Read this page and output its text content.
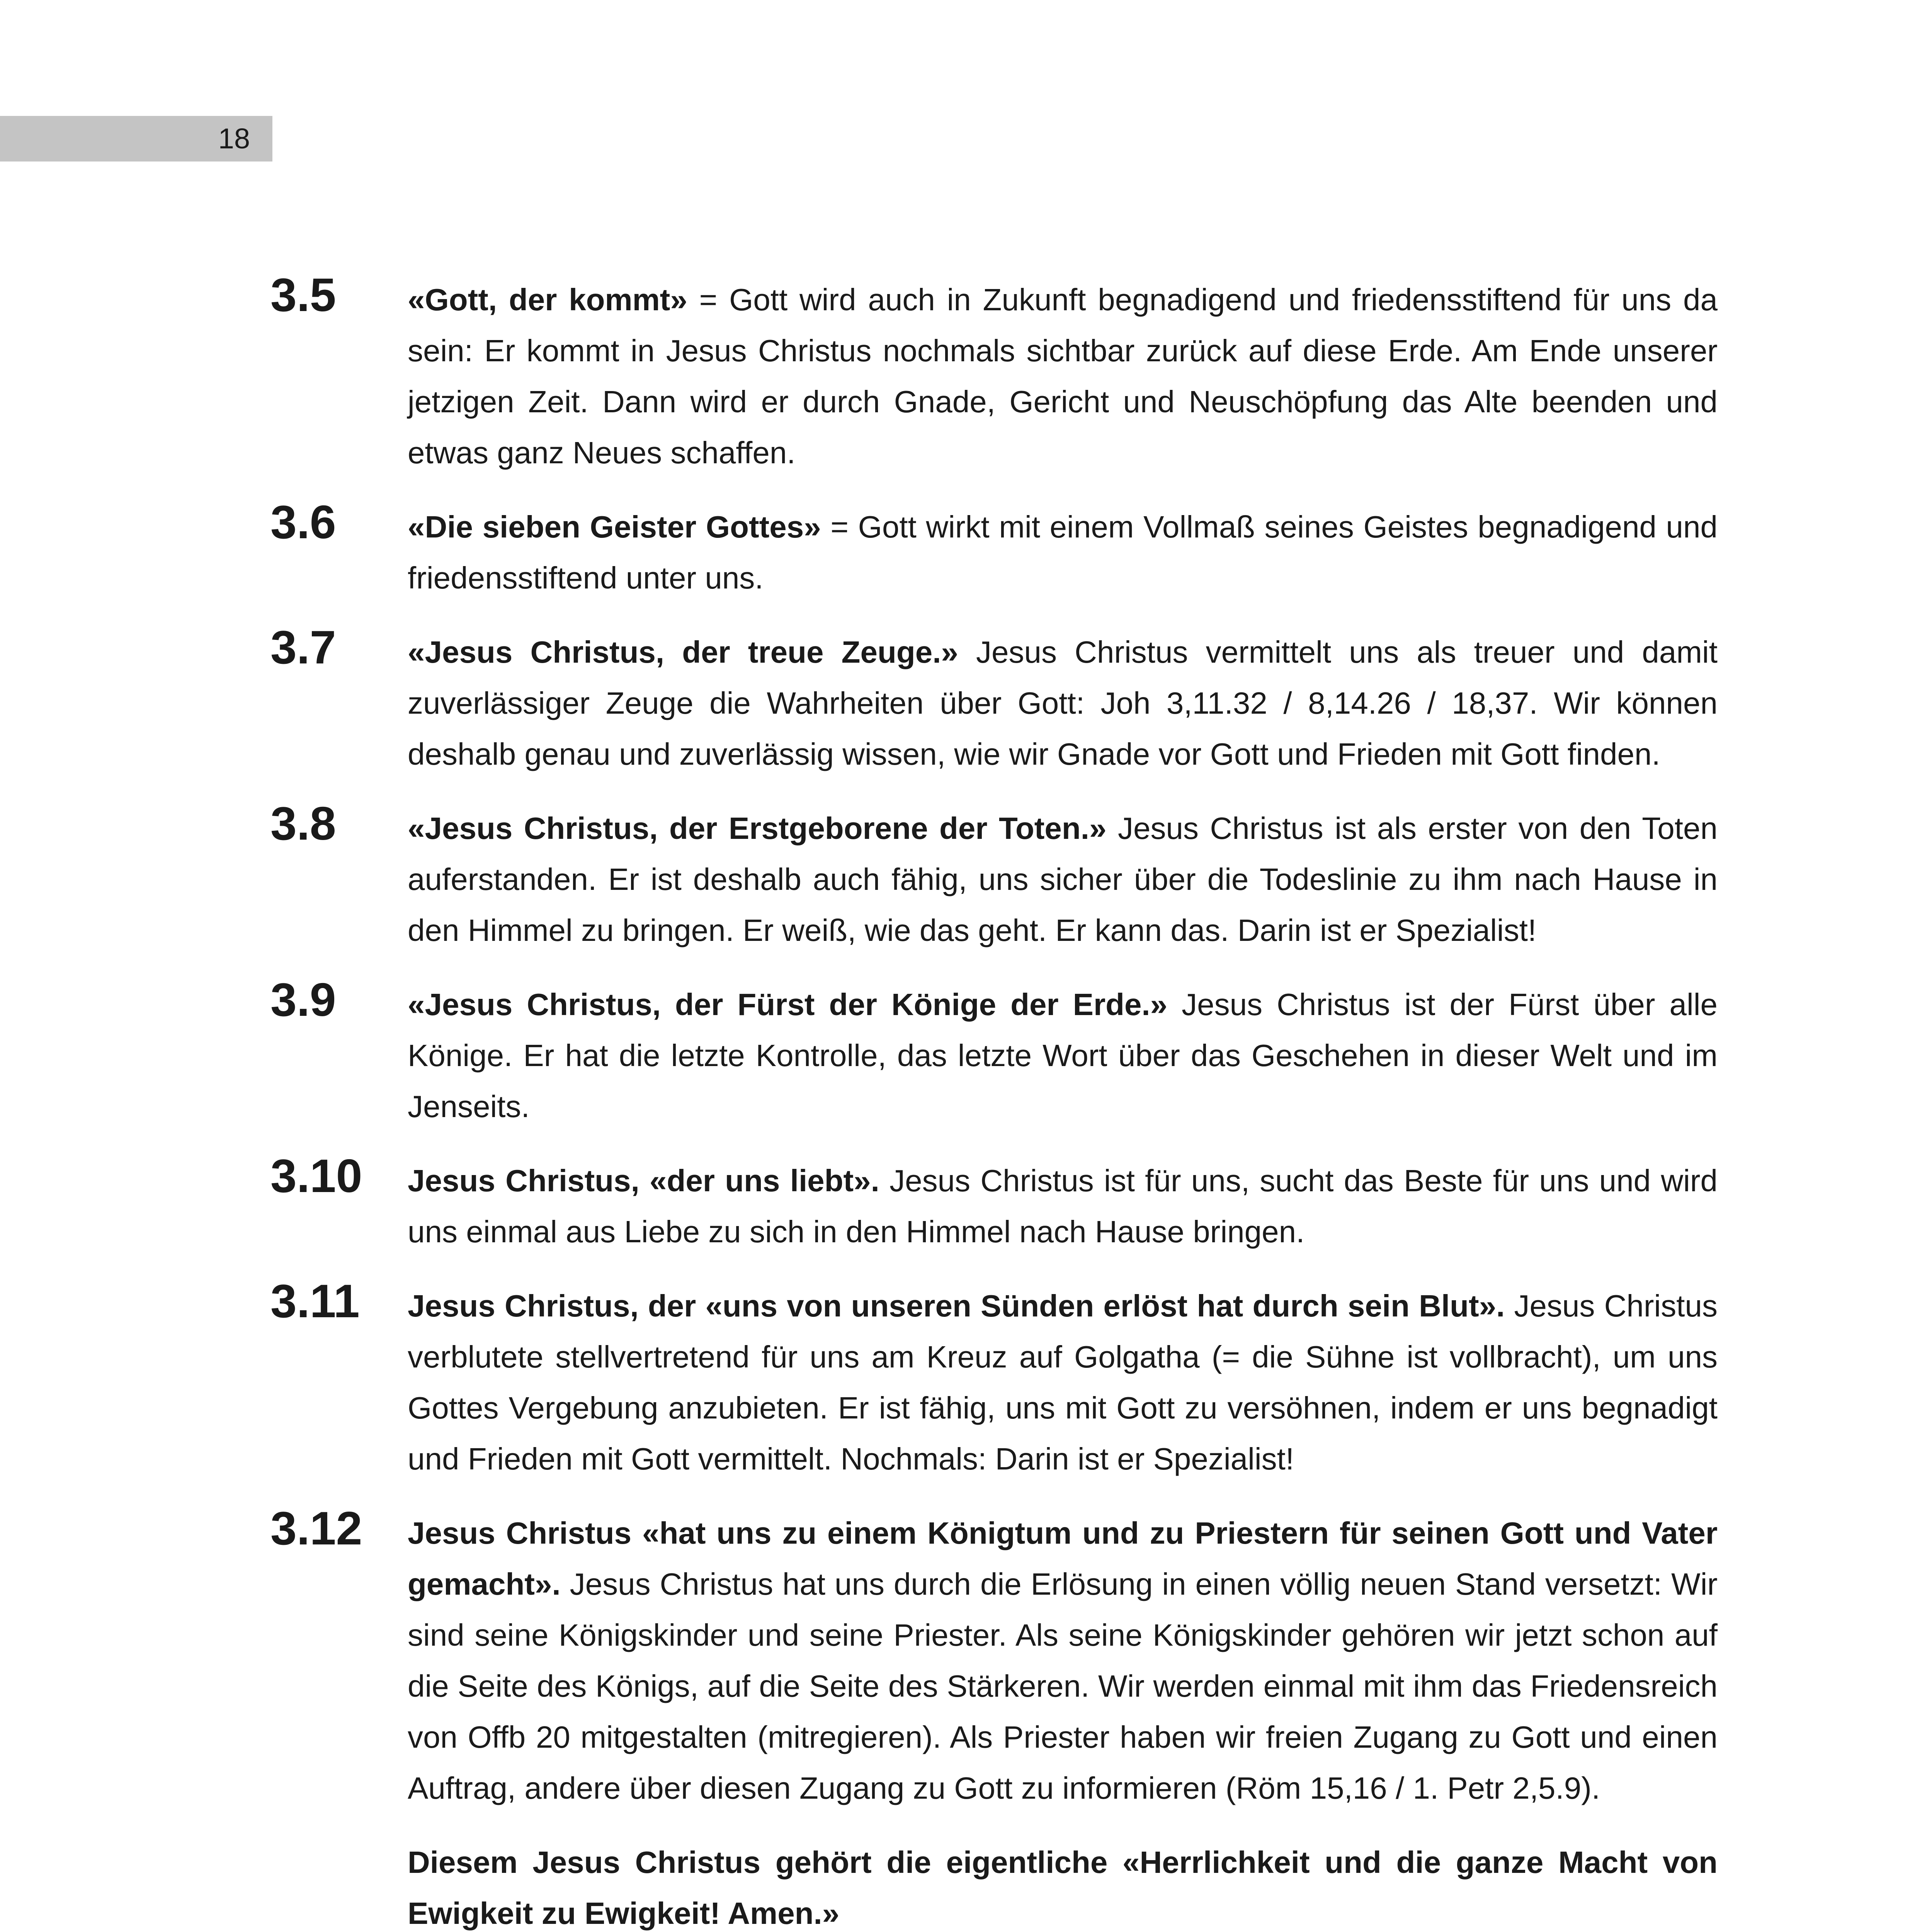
18
3.5 «Gott, der kommt» = Gott wird auch in Zukunft begnadigend und friedensstiftend für uns da sein: Er kommt in Jesus Christus nochmals sichtbar zurück auf diese Erde. Am Ende unserer jetzigen Zeit. Dann wird er durch Gnade, Gericht und Neuschöpfung das Alte beenden und etwas ganz Neues schaffen.

3.6 «Die sieben Geister Gottes» = Gott wirkt mit einem Vollmaß seines Geistes begnadigend und friedensstiftend unter uns.

3.7 «Jesus Christus, der treue Zeuge.» Jesus Christus vermittelt uns als treuer und damit zuverlässiger Zeuge die Wahrheiten über Gott: Joh 3,11.32 / 8,14.26 / 18,37. Wir können deshalb genau und zuverlässig wissen, wie wir Gnade vor Gott und Frieden mit Gott finden.

3.8 «Jesus Christus, der Erstgeborene der Toten.» Jesus Christus ist als erster von den Toten auferstanden. Er ist deshalb auch fähig, uns sicher über die Todeslinie zu ihm nach Hause in den Himmel zu bringen. Er weiß, wie das geht. Er kann das. Darin ist er Spezialist!

3.9 «Jesus Christus, der Fürst der Könige der Erde.» Jesus Christus ist der Fürst über alle Könige. Er hat die letzte Kontrolle, das letzte Wort über das Geschehen in dieser Welt und im Jenseits.

3.10 Jesus Christus, «der uns liebt». Jesus Christus ist für uns, sucht das Beste für uns und wird uns einmal aus Liebe zu sich in den Himmel nach Hause bringen.

3.11 Jesus Christus, der «uns von unseren Sünden erlöst hat durch sein Blut». Jesus Christus verblutete stellvertretend für uns am Kreuz auf Golgatha (= die Sühne ist vollbracht), um uns Gottes Vergebung anzubieten. Er ist fähig, uns mit Gott zu versöhnen, indem er uns begnadigt und Frieden mit Gott vermittelt. Nochmals: Darin ist er Spezialist!

3.12 Jesus Christus «hat uns zu einem Königtum und zu Priestern für seinen Gott und Vater gemacht». Jesus Christus hat uns durch die Erlösung in einen völlig neuen Stand versetzt: Wir sind seine Königskinder und seine Priester. Als seine Königskinder gehören wir jetzt schon auf die Seite des Königs, auf die Seite des Stärkeren. Wir werden einmal mit ihm das Friedensreich von Offb 20 mitgestalten (mitregieren). Als Priester haben wir freien Zugang zu Gott und einen Auftrag, andere über diesen Zugang zu Gott zu informieren (Röm 15,16 / 1. Petr 2,5.9).

Diesem Jesus Christus gehört die eigentliche «Herrlichkeit und die ganze Macht von Ewigkeit zu Ewigkeit! Amen.»
